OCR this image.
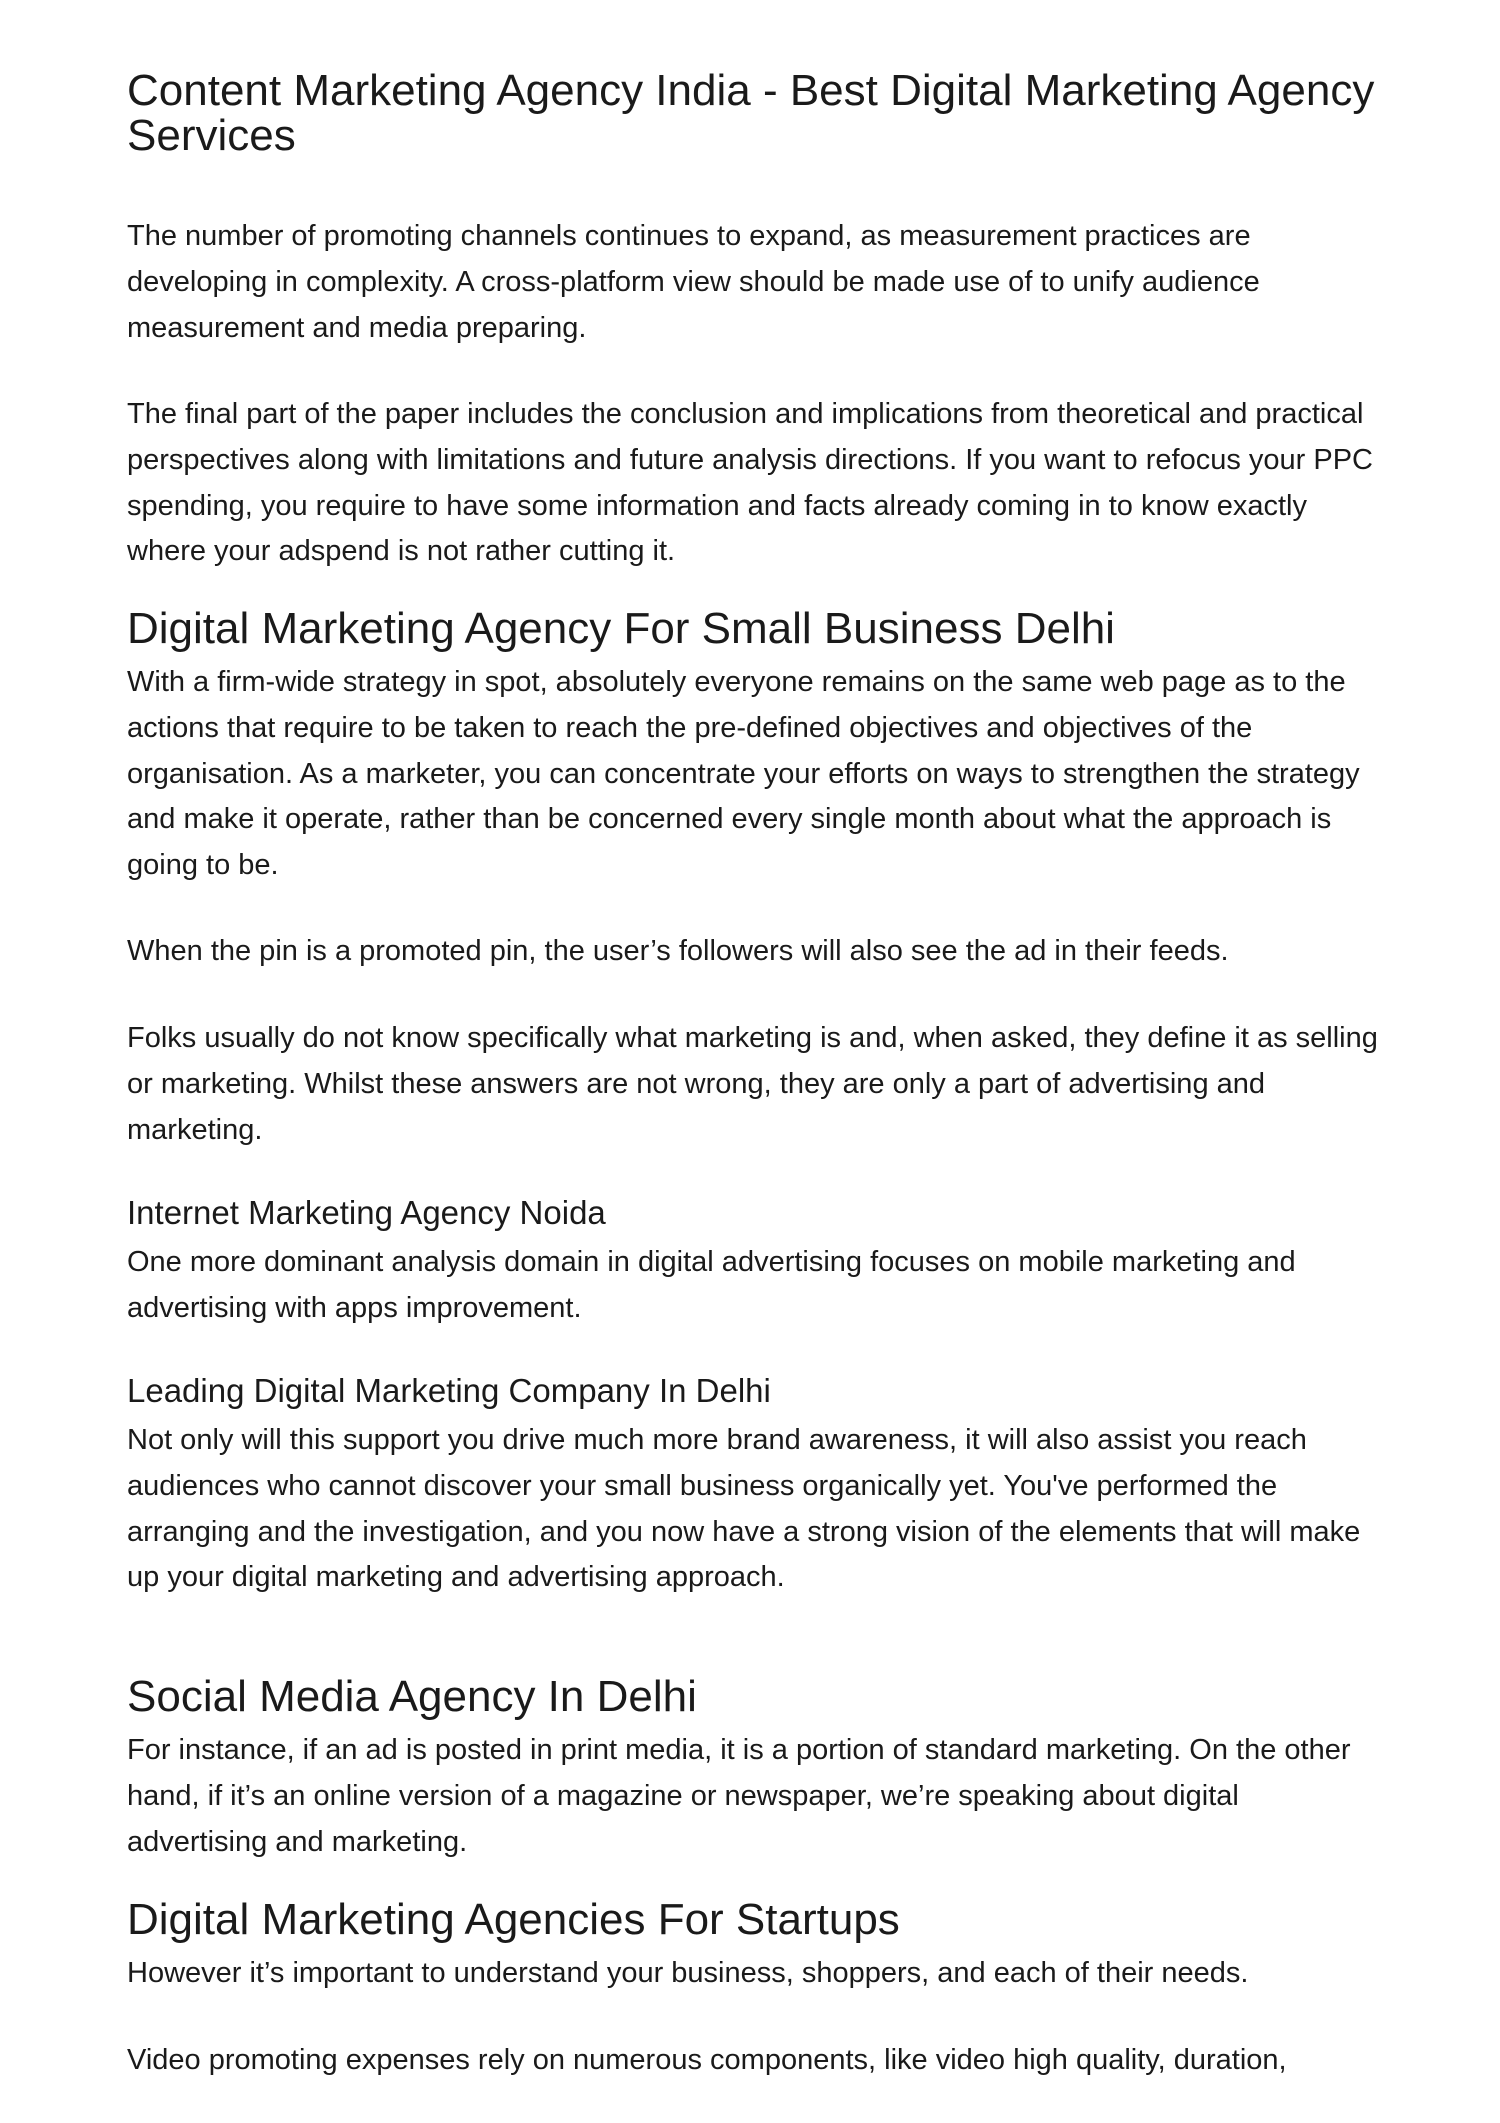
Content Marketing Agency India - Best Digital Marketing Agency Services

The number of promoting channels continues to expand, as measurement practices are developing in complexity. A cross-platform view should be made use of to unify audience measurement and media preparing.

The final part of the paper includes the conclusion and implications from theoretical and practical perspectives along with limitations and future analysis directions. If you want to refocus your PPC spending, you require to have some information and facts already coming in to know exactly where your adspend is not rather cutting it.

Digital Marketing Agency For Small Business Delhi

With a firm-wide strategy in spot, absolutely everyone remains on the same web page as to the actions that require to be taken to reach the pre-defined objectives and objectives of the organisation. As a marketer, you can concentrate your efforts on ways to strengthen the strategy and make it operate, rather than be concerned every single month about what the approach is going to be.

When the pin is a promoted pin, the user’s followers will also see the ad in their feeds.

Folks usually do not know specifically what marketing is and, when asked, they define it as selling or marketing. Whilst these answers are not wrong, they are only a part of advertising and marketing.

Internet Marketing Agency Noida

One more dominant analysis domain in digital advertising focuses on mobile marketing and advertising with apps improvement.

Leading Digital Marketing Company In Delhi

Not only will this support you drive much more brand awareness, it will also assist you reach audiences who cannot discover your small business organically yet. You've performed the arranging and the investigation, and you now have a strong vision of the elements that will make up your digital marketing and advertising approach.

Social Media Agency In Delhi

For instance, if an ad is posted in print media, it is a portion of standard marketing. On the other hand, if it’s an online version of a magazine or newspaper, we’re speaking about digital advertising and marketing.

Digital Marketing Agencies For Startups

However it’s important to understand your business, shoppers, and each of their needs.

Video promoting expenses rely on numerous components, like video high quality, duration,
